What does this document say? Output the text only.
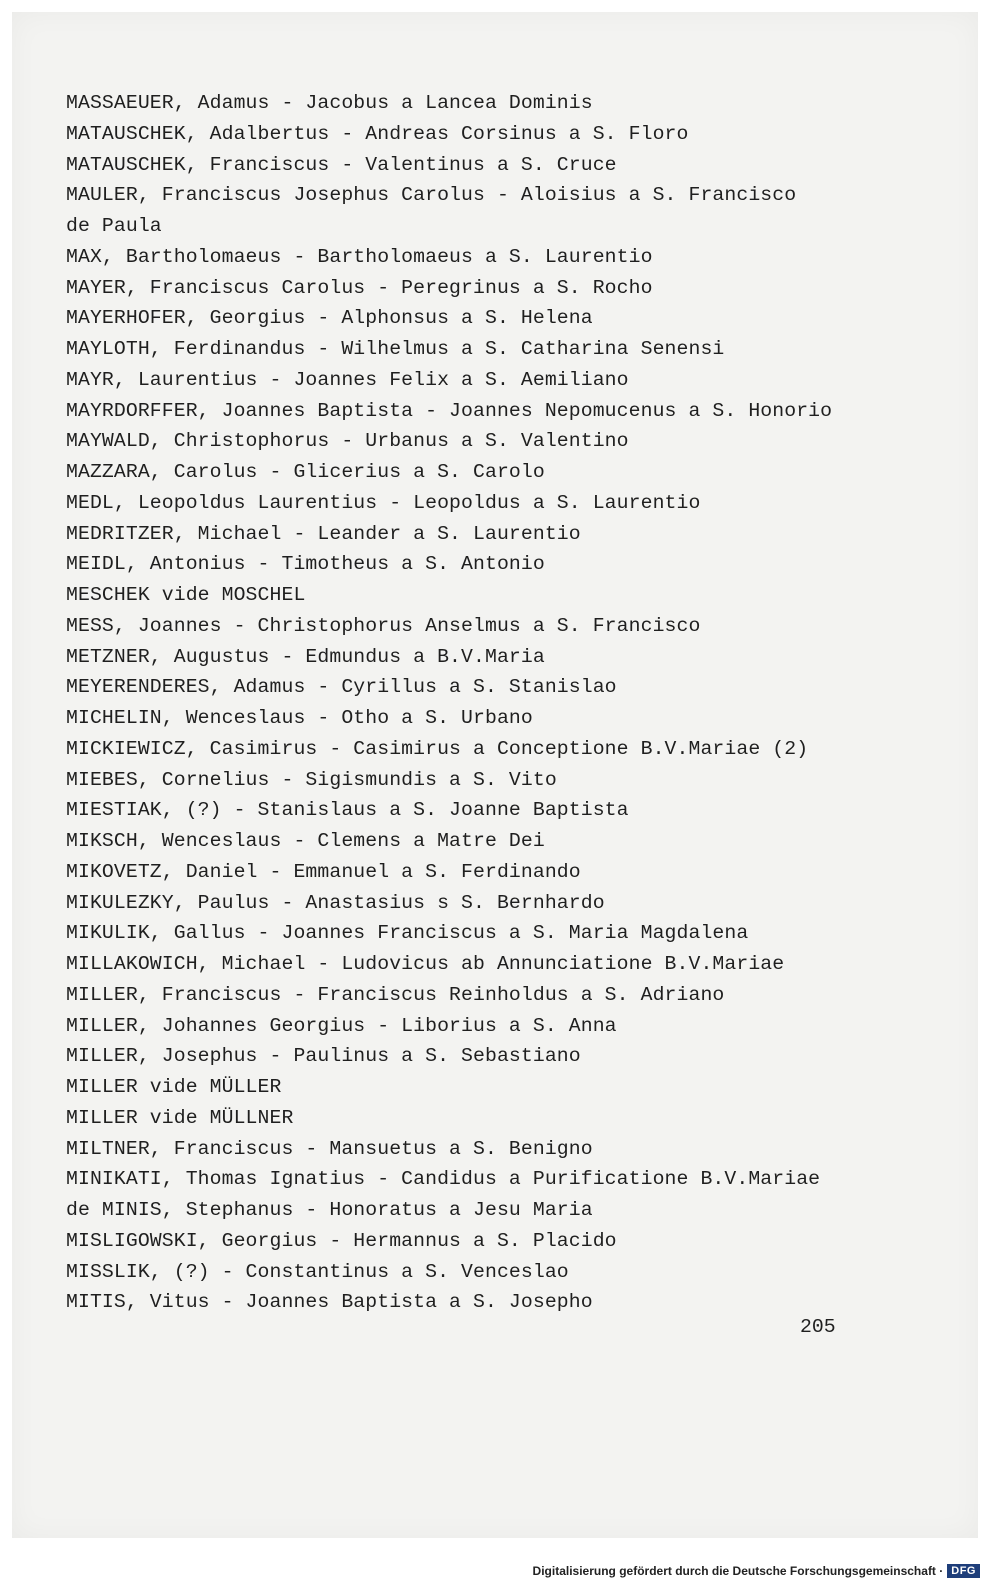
MASSAEUER, Adamus - Jacobus a Lancea Dominis
MATAUSCHEK, Adalbertus - Andreas Corsinus a S. Floro
MATAUSCHEK, Franciscus - Valentinus a S. Cruce
MAULER, Franciscus Josephus Carolus - Aloisius a S. Francisco
de Paula
MAX, Bartholomaeus - Bartholomaeus a S. Laurentio
MAYER, Franciscus Carolus - Peregrinus a S. Rocho
MAYERHOFER, Georgius - Alphonsus a S. Helena
MAYLOTH, Ferdinandus - Wilhelmus a S. Catharina Senensi
MAYR, Laurentius - Joannes Felix a S. Aemiliano
MAYRDORFFER, Joannes Baptista - Joannes Nepomucenus a S. Honorio
MAYWALD, Christophorus - Urbanus a S. Valentino
MAZZARA, Carolus - Glicerius a S. Carolo
MEDL, Leopoldus Laurentius - Leopoldus a S. Laurentio
MEDRITZER, Michael - Leander a S. Laurentio
MEIDL, Antonius - Timotheus a S. Antonio
MESCHEK vide MOSCHEL
MESS, Joannes - Christophorus Anselmus a S. Francisco
METZNER, Augustus - Edmundus a B.V.Maria
MEYERENDERES, Adamus - Cyrillus a S. Stanislao
MICHELIN, Wenceslaus - Otho a S. Urbano
MICKIEWICZ, Casimirus - Casimirus a Conceptione B.V.Mariae (2)
MIEBES, Cornelius - Sigismundis a S. Vito
MIESTIAK, (?) - Stanislaus a S. Joanne Baptista
MIKSCH, Wenceslaus - Clemens a Matre Dei
MIKOVETZ, Daniel - Emmanuel a S. Ferdinando
MIKULEZKY, Paulus - Anastasius s S. Bernhardo
MIKULIK, Gallus - Joannes Franciscus a S. Maria Magdalena
MILLAKOWICH, Michael - Ludovicus ab Annunciatione B.V.Mariae
MILLER, Franciscus - Franciscus Reinholdus a S. Adriano
MILLER, Johannes Georgius - Liborius a S. Anna
MILLER, Josephus - Paulinus a S. Sebastiano
MILLER vide MÜLLER
MILLER vide MÜLLNER
MILTNER, Franciscus - Mansuetus a S. Benigno
MINIKATI, Thomas Ignatius - Candidus a Purificatione B.V.Mariae
de MINIS, Stephanus - Honoratus a Jesu Maria
MISLIGOWSKI, Georgius - Hermannus a S. Placido
MISSLIK, (?) - Constantinus a S. Venceslao
MITIS, Vitus - Joannes Baptista a S. Josepho
205
Digitalisierung gefördert durch die Deutsche Forschungsgemeinschaft · DFG
